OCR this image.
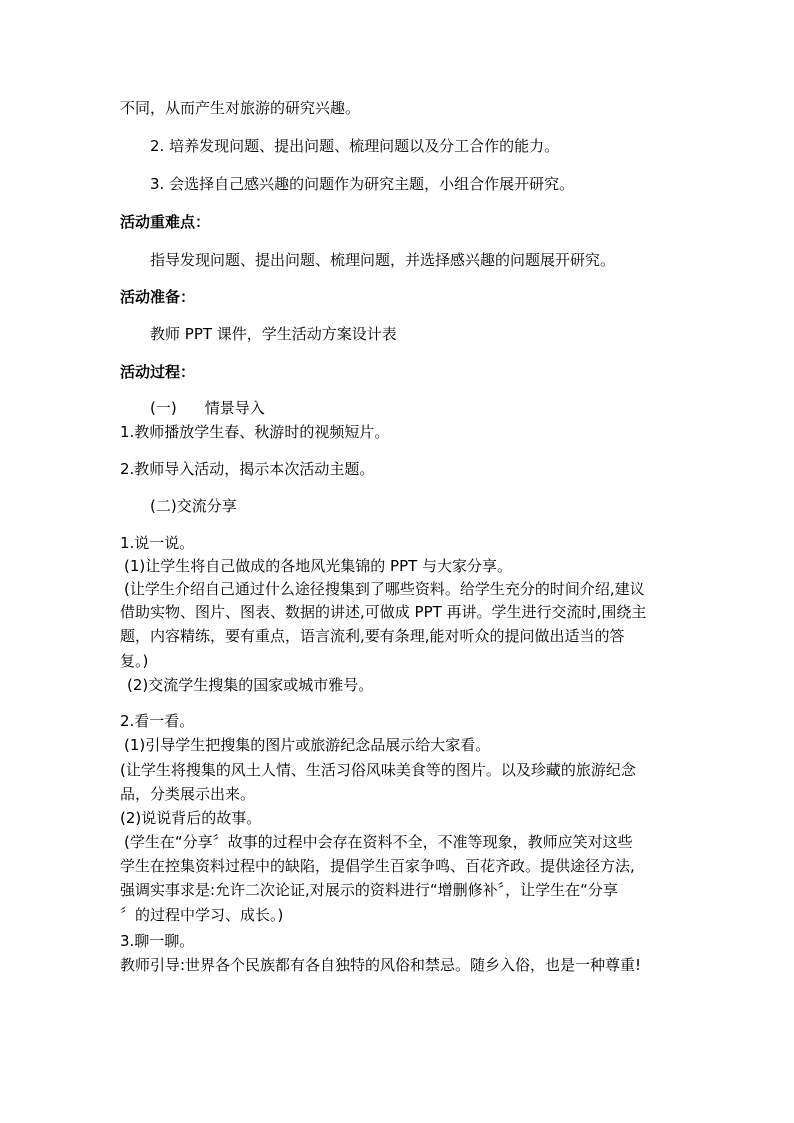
不同，从而产生对旅游的研究兴趣。

2. 培养发现问题、提出问题、梳理问题以及分工合作的能力。

3. 会选择自己感兴趣的问题作为研究主题，小组合作展开研究。

活动重难点：

指导发现问题、提出问题、梳理问题，并选择感兴趣的问题展开研究。

活动准备：

教师 PPT 课件，学生活动方案设计表

活动过程：

(一) 情景导入

1.教师播放学生春、秋游时的视频短片。

2.教师导入活动，揭示本次活动主题。

(二)交流分享

1.说一说。

(1)让学生将自己做成的各地风光集锦的 PPT 与大家分享。

(让学生介绍自己通过什么途径搜集到了哪些资料。给学生充分的时间介绍,建议

借助实物、图片、图表、数据的讲述,可做成 PPT 再讲。学生进行交流时,围绕主

题，内容精练，要有重点，语言流利,要有条理,能对听众的提问做出适当的答

复。)

(2)交流学生搜集的国家或城市雅号。

2.看一看。

(1)引导学生把搜集的图片或旅游纪念品展示给大家看。

(让学生将搜集的风土人情、生活习俗风味美食等的图片。以及珍藏的旅游纪念

品，分类展示出来。

(2)说说背后的故事。

(学生在“分享〞故事的过程中会存在资料不全，不准等现象，教师应笑对这些

学生在控集资料过程中的缺陷，提倡学生百家争鸣、百花齐政。提供途径方法,

强调实事求是:允许二次论证,对展示的资料进行“增删修补〞，让学生在“分享

〞的过程中学习、成长。)

3.聊一聊。

教师引导:世界各个民族都有各自独特的风俗和禁忌。随乡入俗，也是一种尊重!
